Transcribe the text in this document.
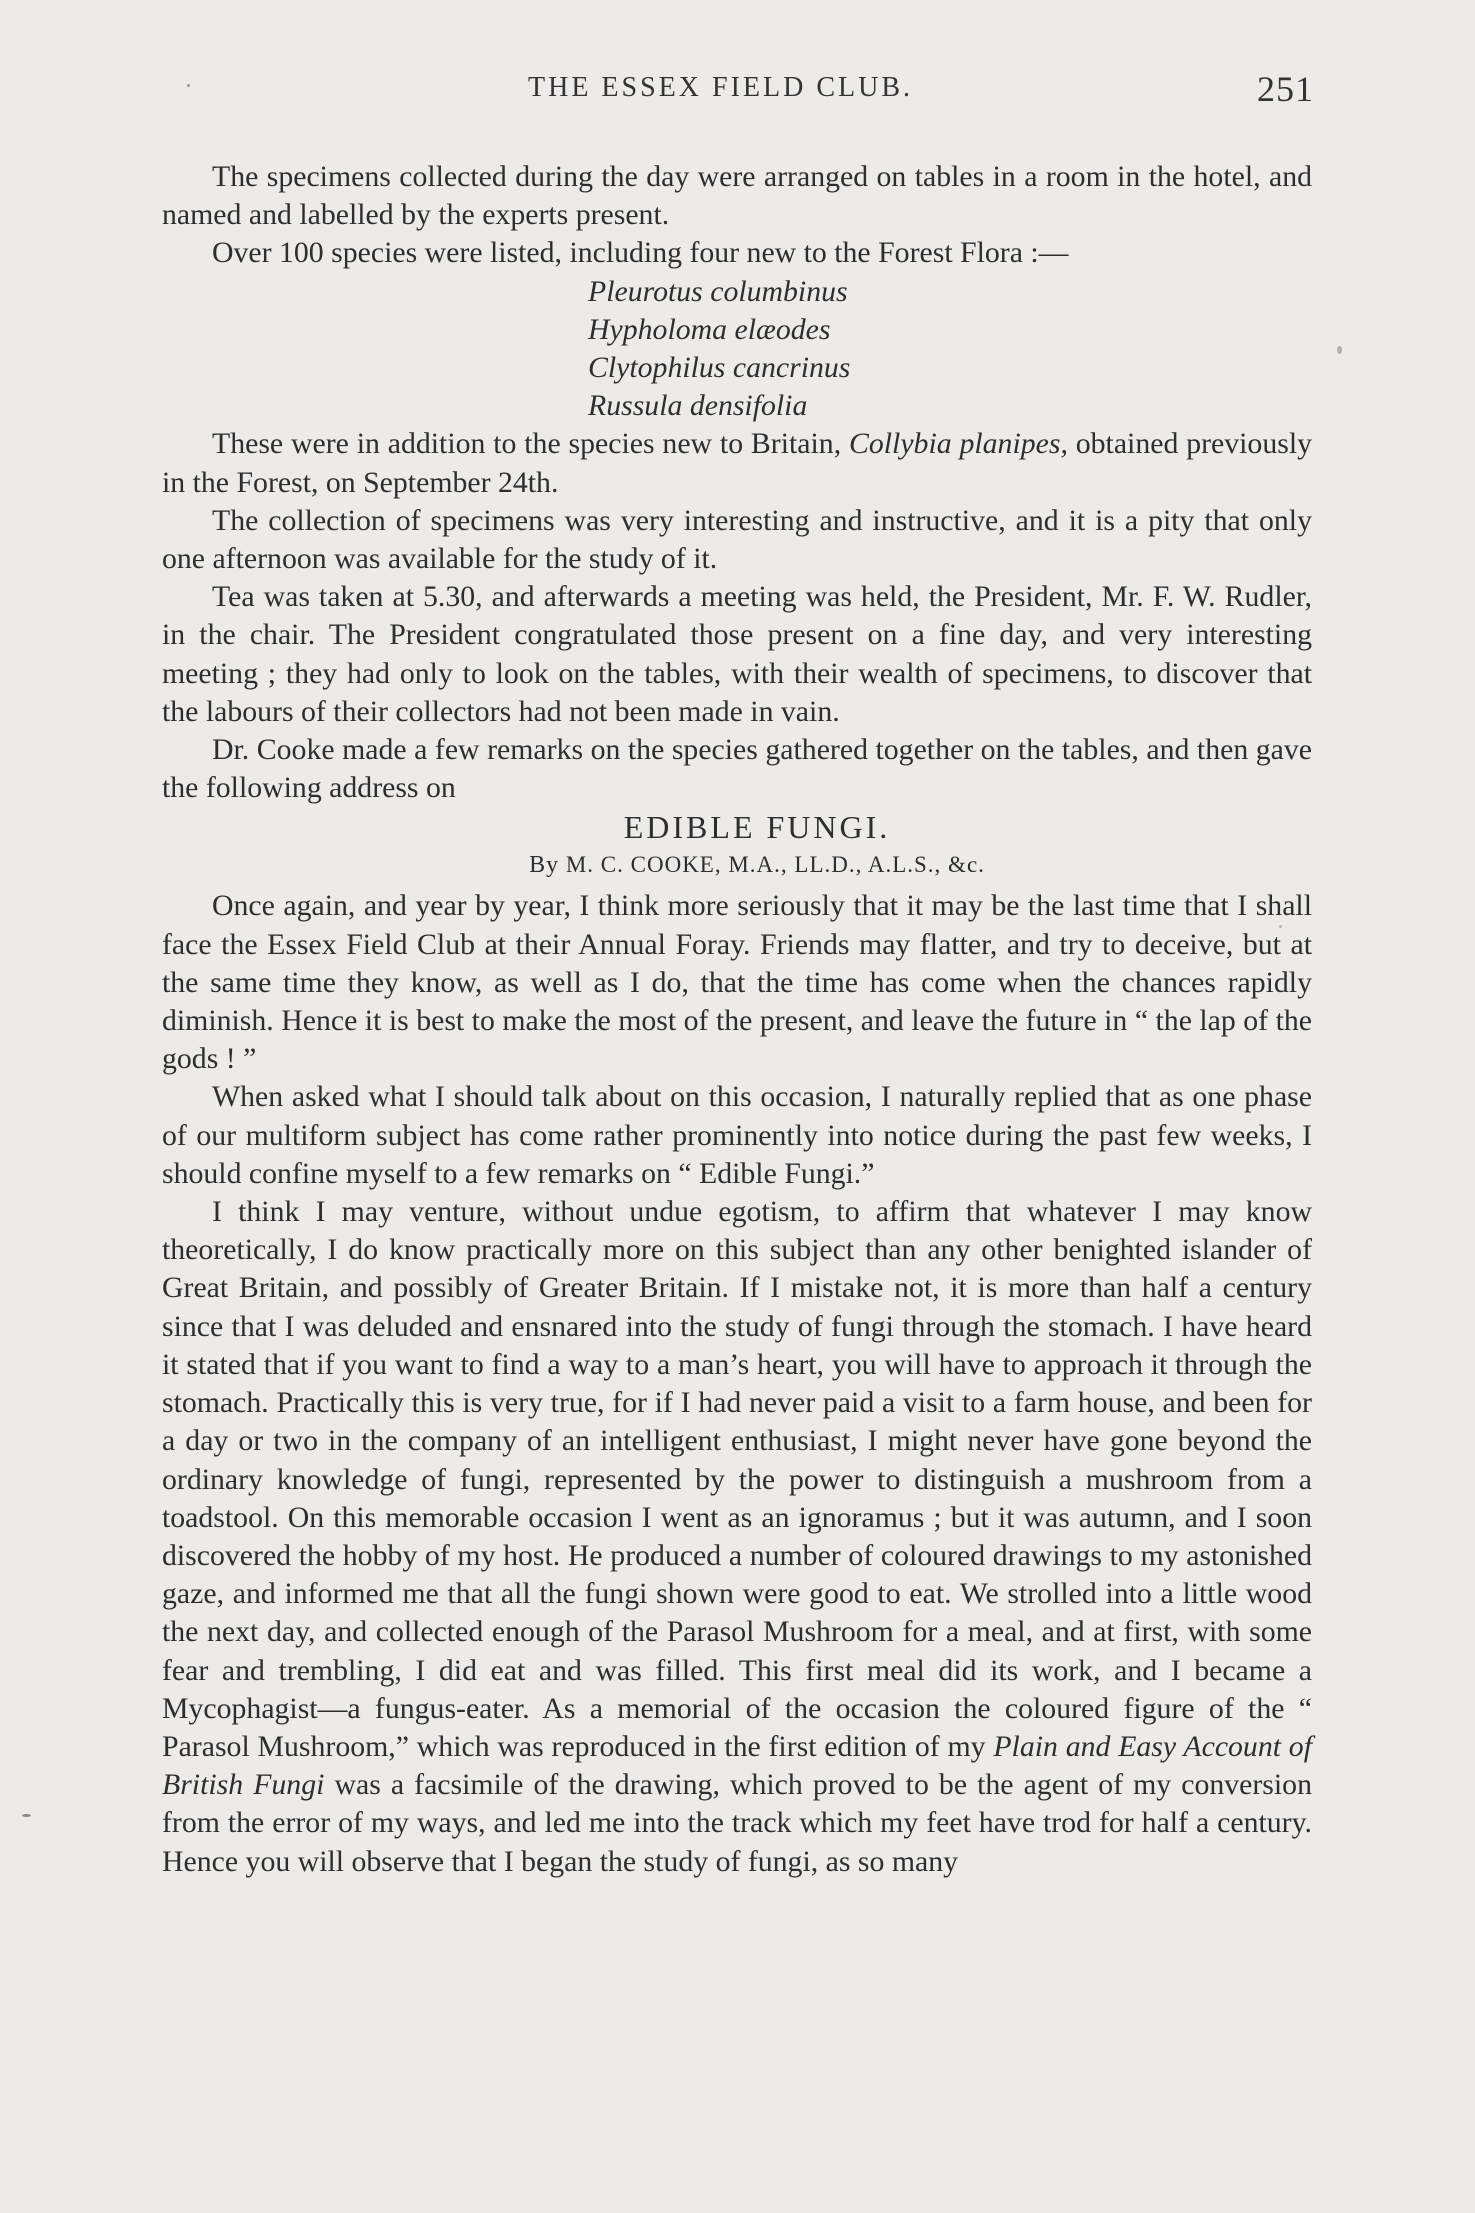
THE ESSEX FIELD CLUB.	251

The specimens collected during the day were arranged on tables in a room in the hotel, and named and labelled by the experts present.

Over 100 species were listed, including four new to the Forest Flora :—

Pleurotus columbinus
Hypholoma elæodes
Clytophilus cancrinus
Russula densifolia

These were in addition to the species new to Britain, Collybia planipes, obtained previously in the Forest, on September 24th.

The collection of specimens was very interesting and instructive, and it is a pity that only one afternoon was available for the study of it.

Tea was taken at 5.30, and afterwards a meeting was held, the President, Mr. F. W. Rudler, in the chair. The President congratulated those present on a fine day, and very interesting meeting ; they had only to look on the tables, with their wealth of specimens, to discover that the labours of their collectors had not been made in vain.

Dr. Cooke made a few remarks on the species gathered together on the tables, and then gave the following address on

EDIBLE FUNGI.

By M. C. COOKE, M.A., LL.D., A.L.S., &c.

Once again, and year by year, I think more seriously that it may be the last time that I shall face the Essex Field Club at their Annual Foray. Friends may flatter, and try to deceive, but at the same time they know, as well as I do, that the time has come when the chances rapidly diminish. Hence it is best to make the most of the present, and leave the future in “ the lap of the gods ! ”

When asked what I should talk about on this occasion, I naturally replied that as one phase of our multiform subject has come rather prominently into notice during the past few weeks, I should confine myself to a few remarks on “ Edible Fungi.”

I think I may venture, without undue egotism, to affirm that whatever I may know theoretically, I do know practically more on this subject than any other benighted islander of Great Britain, and possibly of Greater Britain. If I mistake not, it is more than half a century since that I was deluded and ensnared into the study of fungi through the stomach. I have heard it stated that if you want to find a way to a man’s heart, you will have to approach it through the stomach. Practically this is very true, for if I had never paid a visit to a farm house, and been for a day or two in the company of an intelligent enthusiast, I might never have gone beyond the ordinary knowledge of fungi, represented by the power to distinguish a mushroom from a toadstool. On this memorable occasion I went as an ignoramus ; but it was autumn, and I soon discovered the hobby of my host. He produced a number of coloured drawings to my astonished gaze, and informed me that all the fungi shown were good to eat. We strolled into a little wood the next day, and collected enough of the Parasol Mushroom for a meal, and at first, with some fear and trembling, I did eat and was filled. This first meal did its work, and I became a Mycophagist—a fungus-eater. As a memorial of the occasion the coloured figure of the “ Parasol Mushroom,” which was reproduced in the first edition of my Plain and Easy Account of British Fungi was a facsimile of the drawing, which proved to be the agent of my conversion from the error of my ways, and led me into the track which my feet have trod for half a century. Hence you will observe that I began the study of fungi, as so many
